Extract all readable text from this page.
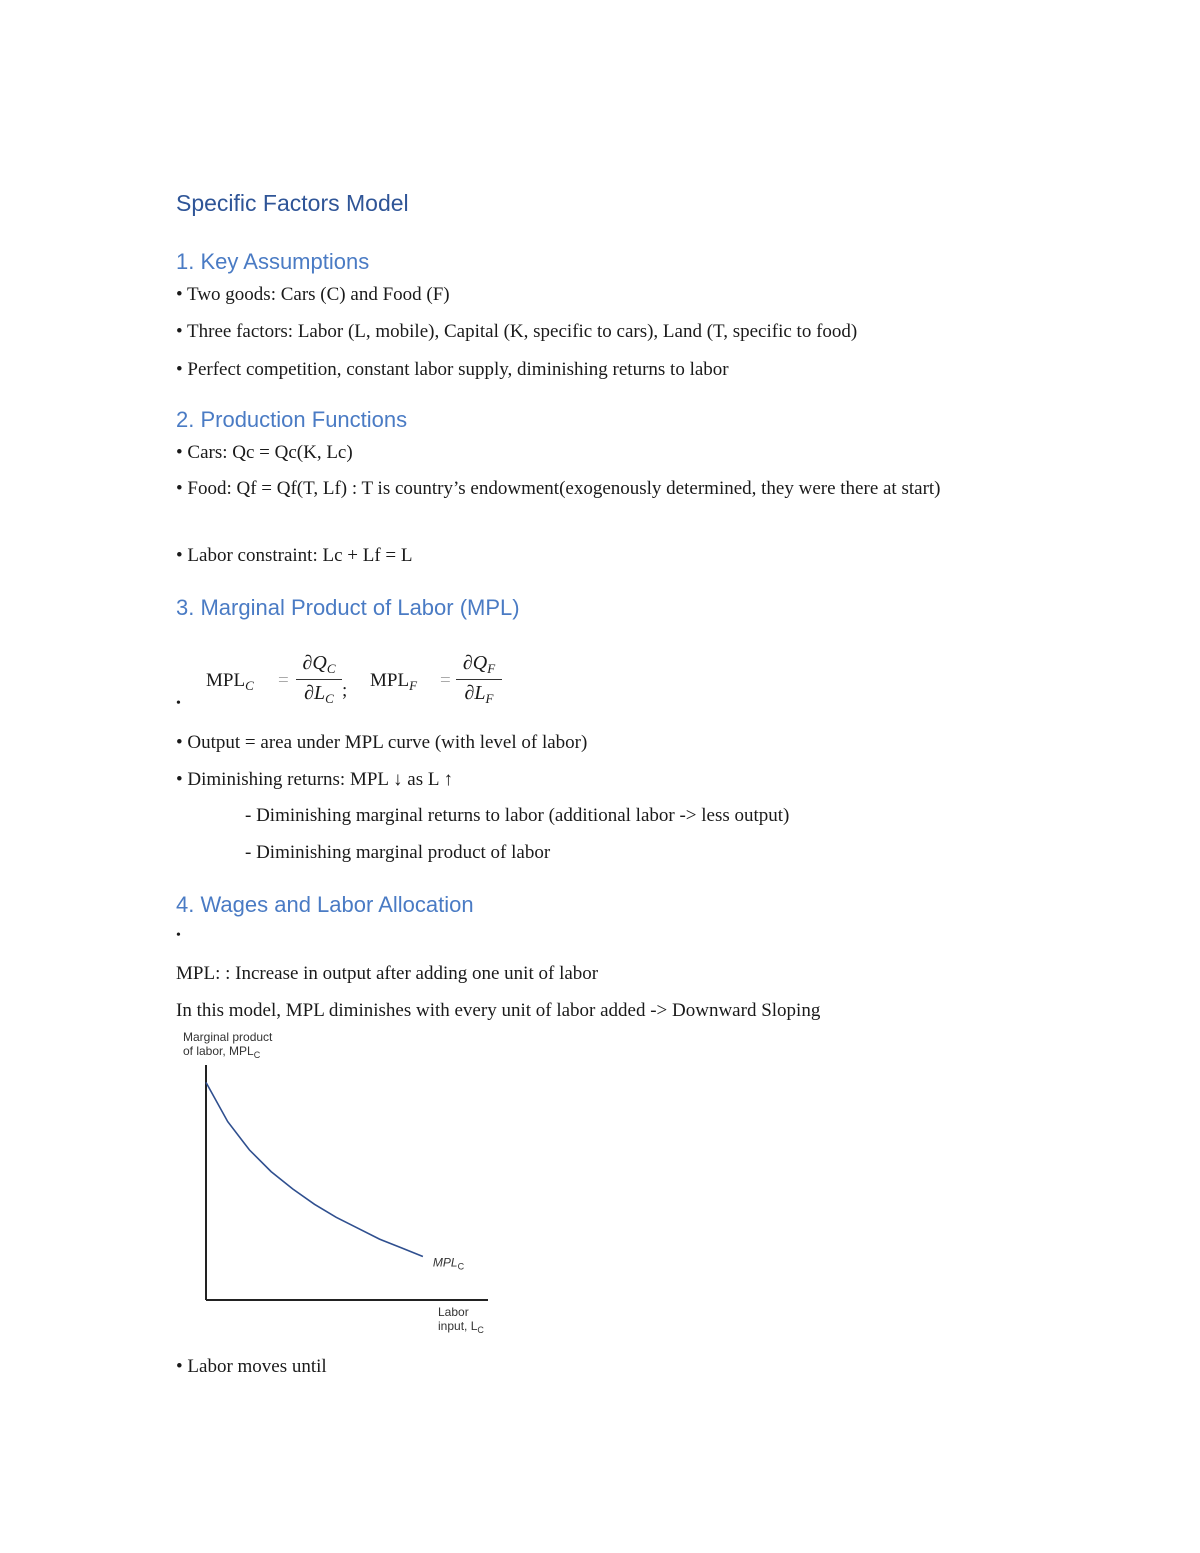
Specific Factors Model
1. Key Assumptions

• Two goods: Cars (C) and Food (F)

• Three factors: Labor (L, mobile), Capital (K, specific to cars), Land (T, specific to food)

• Perfect competition, constant labor supply, diminishing returns to labor

2. Production Functions

• Cars: Qc = Qc(K, Lc)

• Food: Qf = Qf(T, Lf) : T is country’s endowment(exogenously determined, they were there at start)

• Labor constraint: Lc + Lf = L

3. Marginal Product of Labor (MPL)
•
$MPL_C$ =
$\partial Q_C$
$\partial L_C$ ; $MPL_F$ =
$\partial Q_F$
$\partial L_F$

• Output = area under MPL curve (with level of labor)

• Diminishing returns: MPL ↓ as L ↑

- Diminishing marginal returns to labor (additional labor -> less output)

- Diminishing marginal product of labor

4. Wages and Labor Allocation

•

MPL: : Increase in output after adding one unit of labor

In this model, MPL diminishes with every unit of labor added -> Downward Sloping

Marginal product
of labor, $MPL_C$
$MPL_C$
Labor
input, $L_C$

• Labor moves until
